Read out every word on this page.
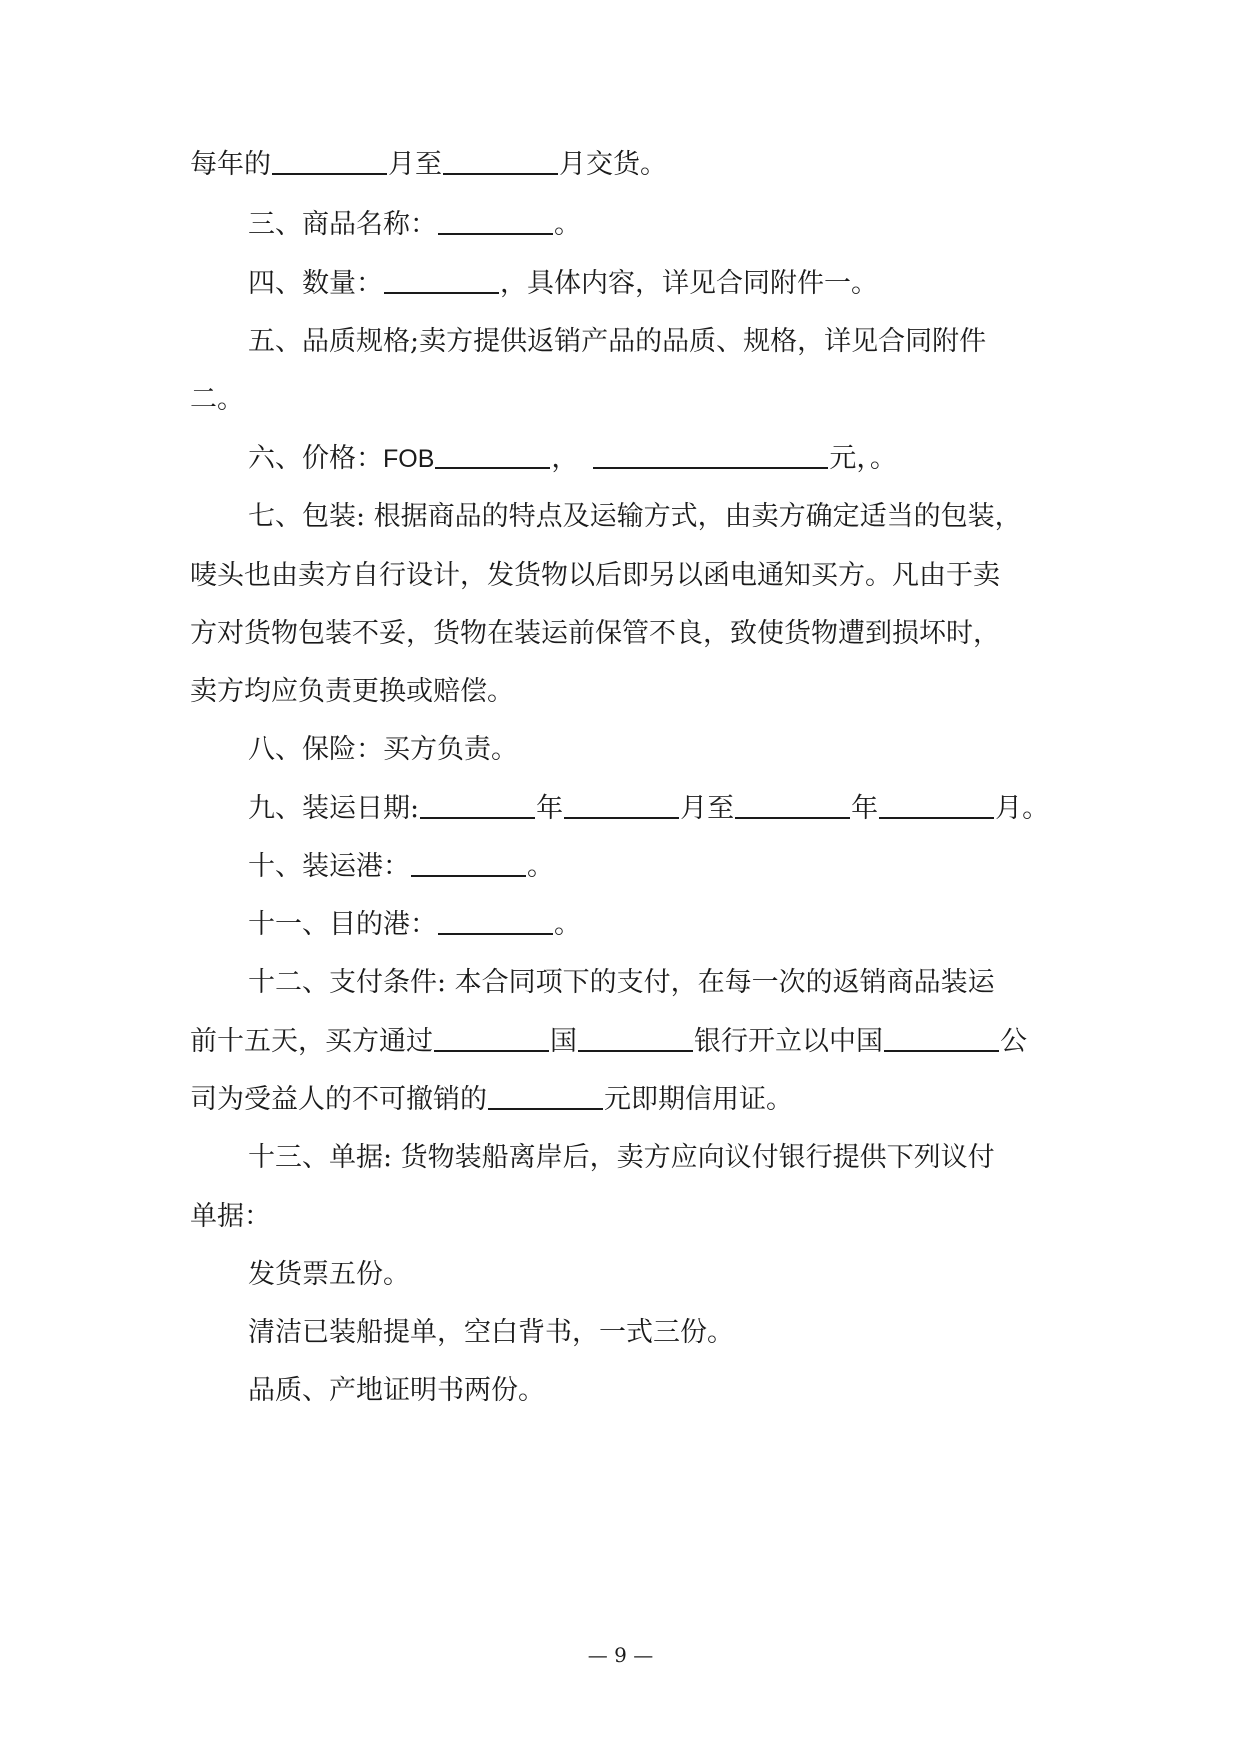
每年的	月至	月交货。
三、商品名称：	。
四、数量：	，具体内容，详见合同附件一。
五、品质规格;卖方提供返销产品的品质、规格，详见合同附件
二。
六、价格：FOB	，	元，。
七、包装: 根据商品的特点及运输方式，由卖方确定适当的包装，
唛头也由卖方自行设计，发货物以后即另以函电通知买方。凡由于卖
方对货物包装不妥，货物在装运前保管不良，致使货物遭到损坏时，
卖方均应负责更换或赔偿。
八、保险：买方负责。
九、装运日期:	年	月至	年	月。
十、装运港：	。
十一、目的港：	。
十二、支付条件: 本合同项下的支付，在每一次的返销商品装运
前十五天，买方通过	国	银行开立以中国	公
司为受益人的不可撤销的	元即期信用证。
十三、单据: 货物装船离岸后，卖方应向议付银行提供下列议付
单据：
发货票五份。
清洁已装船提单，空白背书，一式三份。
品质、产地证明书两份。
— 9 —
